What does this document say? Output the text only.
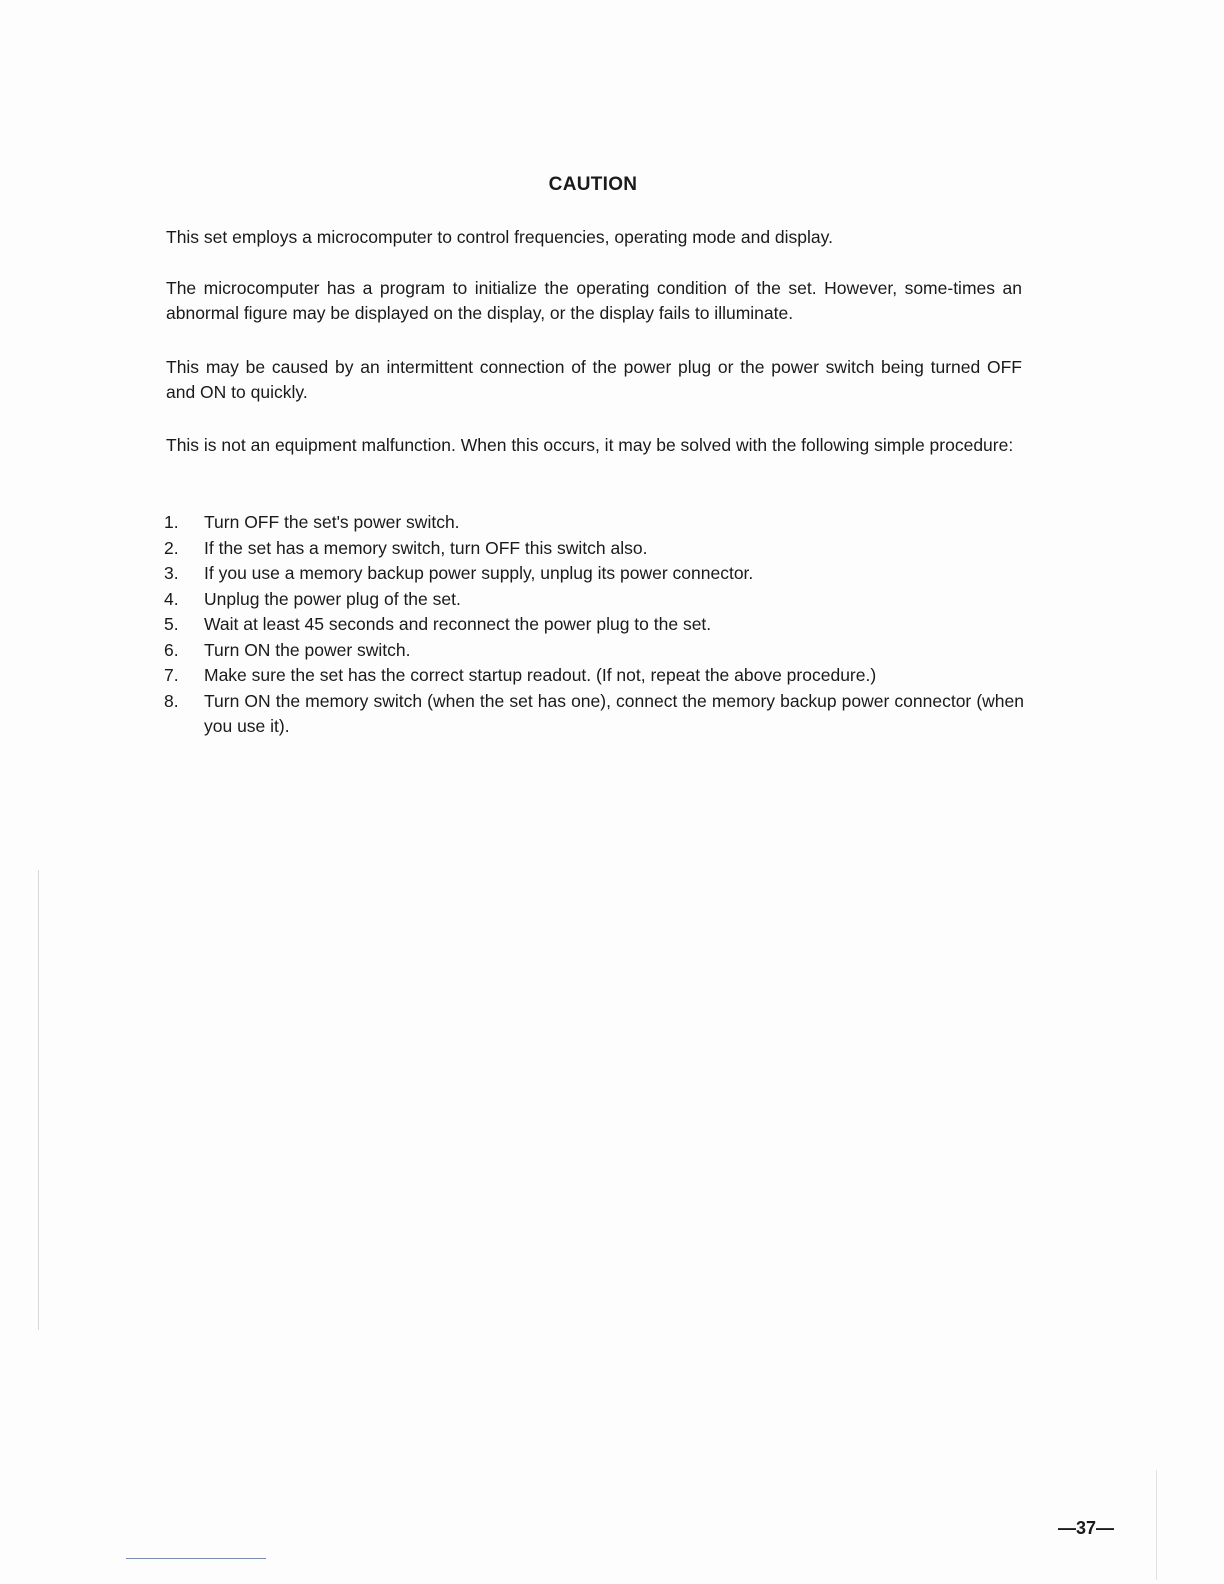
CAUTION
This set employs a microcomputer to control frequencies, operating mode and display.
The microcomputer has a program to initialize the operating condition of the set. However, some-times an abnormal figure may be displayed on the display, or the display fails to illuminate.
This may be caused by an intermittent connection of the power plug or the power switch being turned OFF and ON to quickly.
This is not an equipment malfunction. When this occurs, it may be solved with the following simple procedure:
1. Turn OFF the set's power switch.
2. If the set has a memory switch, turn OFF this switch also.
3. If you use a memory backup power supply, unplug its power connector.
4. Unplug the power plug of the set.
5. Wait at least 45 seconds and reconnect the power plug to the set.
6. Turn ON the power switch.
7. Make sure the set has the correct startup readout. (If not, repeat the above procedure.)
8. Turn ON the memory switch (when the set has one), connect the memory backup power connector (when you use it).
—37—
